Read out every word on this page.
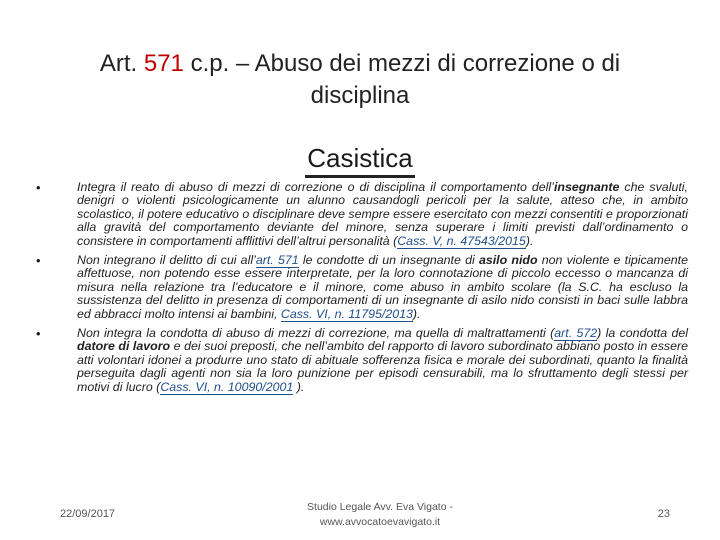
Art. 571 c.p. – Abuso dei mezzi di correzione o di disciplina
Casistica
•	Integra il reato di abuso di mezzi di correzione o di disciplina il comportamento dell’insegnante che svaluti, denigri o violenti psicologicamente un alunno causandogli pericoli per la salute, atteso che, in ambito scolastico, il potere educativo o disciplinare deve sempre essere esercitato con mezzi consentiti e proporzionati alla gravità del comportamento deviante del minore, senza superare i limiti previsti dall’ordinamento o consistere in comportamenti afflittivi dell’altrui personalità (Cass. V, n. 47543/2015).
•	Non integrano il delitto di cui all’art. 571 le condotte di un insegnante di asilo nido non violente e tipicamente affettuose, non potendo esse essere interpretate, per la loro connotazione di piccolo eccesso o mancanza di misura nella relazione tra l’educatore e il minore, come abuso in ambito scolare (la S.C. ha escluso la sussistenza del delitto in presenza di comportamenti di un insegnante di asilo nido consisti in baci sulle labbra ed abbracci molto intensi ai bambini, Cass. VI, n. 11795/2013).
•	Non integra la condotta di abuso di mezzi di correzione, ma quella di maltrattamenti (art. 572) la condotta del datore di lavoro e dei suoi preposti, che nell’ambito del rapporto di lavoro subordinato abbiano posto in essere atti volontari idonei a produrre uno stato di abituale sofferenza fisica e morale dei subordinati, quanto la finalità perseguita dagli agenti non sia la loro punizione per episodi censurabili, ma lo sfruttamento degli stessi per motivi di lucro (Cass. VI, n. 10090/2001 ).
22/09/2017
Studio Legale Avv. Eva Vigato -
www.avvocatoevavigato.it
23
